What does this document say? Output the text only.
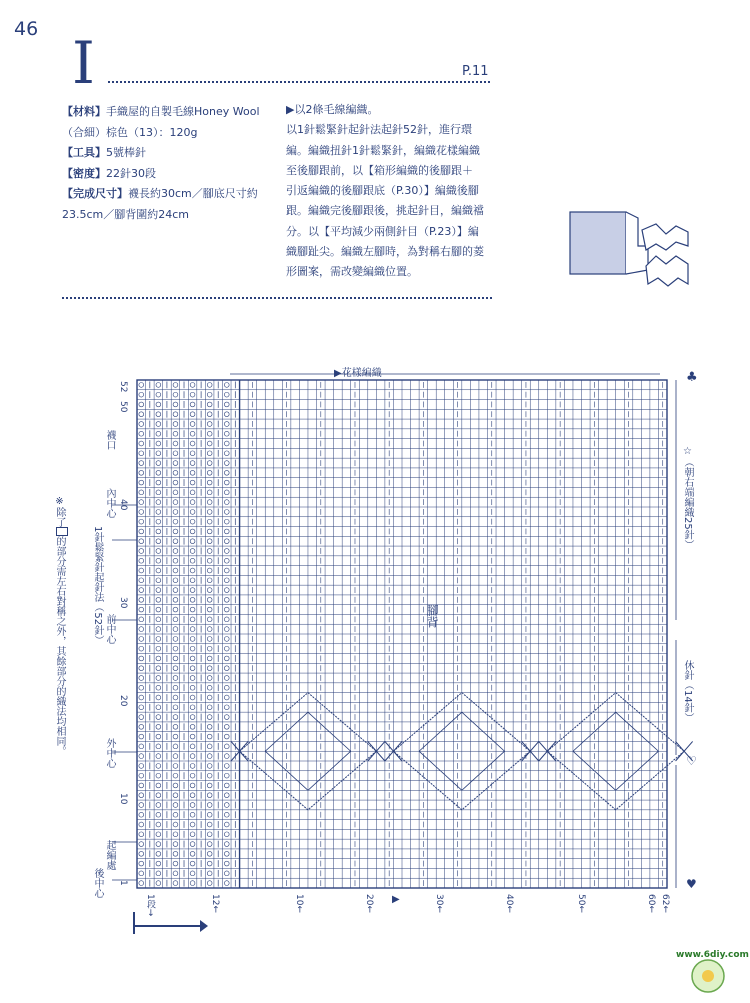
46 I	P.11
【材料】手織屋的自製毛線Honey Wool
（合細）棕色（13）：120g
【工具】5號棒針
【密度】22針30段
【完成尺寸】襪長約30cm／腳底尺寸約
23.5cm／腳背圍約24cm

▶以2條毛線編織。

以1針鬆緊針起針法起針52針，進行環

編。編織扭針1針鬆緊針，編織花樣編織

至後腳跟前，以【箱形編織的後腳跟＋

引返編織的後腳跟底（P.30）】編織後腳

跟。編織完後腳跟後，挑起針目，編織襠

分。以【平均減少兩側針目（P.23）】編

織腳趾尖。編織左腳時，為對稱右腳的菱

形圖案，需改變編織位置。

▶花樣編織
腳背
襪口
內中心
1針鬆緊針起針法（52針） 前中心
外中心
起編處
後中心
☆（朝右端編織25針）
休針（14針）
♣
♡
♥
▶
52
50
40
30
20
10
1
1段→	12←	10←	20←	30←	40←	50←	60← 62←
※除了的部分需左右對稱之外，其餘部分的織法均相同。
www.6diy.com
